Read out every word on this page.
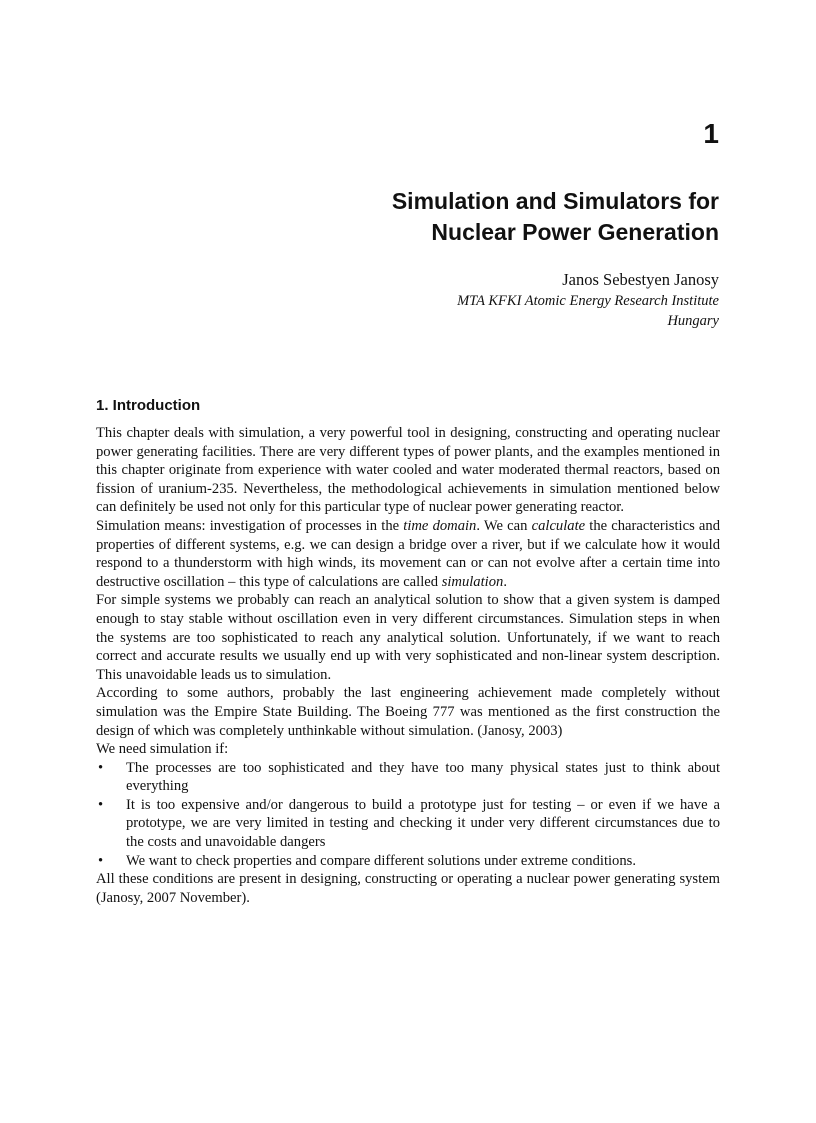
1
Simulation and Simulators for
Nuclear Power Generation

Janos Sebestyen Janosy

MTA KFKI Atomic Energy Research Institute
Hungary

1. Introduction

This chapter deals with simulation, a very powerful tool in designing, constructing and operating nuclear power generating facilities. There are very different types of power plants, and the examples mentioned in this chapter originate from experience with water cooled and water moderated thermal reactors, based on fission of uranium-235. Nevertheless, the methodological achievements in simulation mentioned below can definitely be used not only for this particular type of nuclear power generating reactor.

Simulation means: investigation of processes in the time domain. We can calculate the characteristics and properties of different systems, e.g. we can design a bridge over a river, but if we calculate how it would respond to a thunderstorm with high winds, its movement can or can not evolve after a certain time into destructive oscillation – this type of calculations are called simulation.

For simple systems we probably can reach an analytical solution to show that a given system is damped enough to stay stable without oscillation even in very different circumstances. Simulation steps in when the systems are too sophisticated to reach any analytical solution. Unfortunately, if we want to reach correct and accurate results we usually end up with very sophisticated and non-linear system description. This unavoidable leads us to simulation.

According to some authors, probably the last engineering achievement made completely without simulation was the Empire State Building. The Boeing 777 was mentioned as the first construction the design of which was completely unthinkable without simulation. (Janosy, 2003)

We need simulation if:

• The processes are too sophisticated and they have too many physical states just to think about everything
• It is too expensive and/or dangerous to build a prototype just for testing – or even if we have a prototype, we are very limited in testing and checking it under very different circumstances due to the costs and unavoidable dangers
• We want to check properties and compare different solutions under extreme conditions.

All these conditions are present in designing, constructing or operating a nuclear power generating system (Janosy, 2007 November).
